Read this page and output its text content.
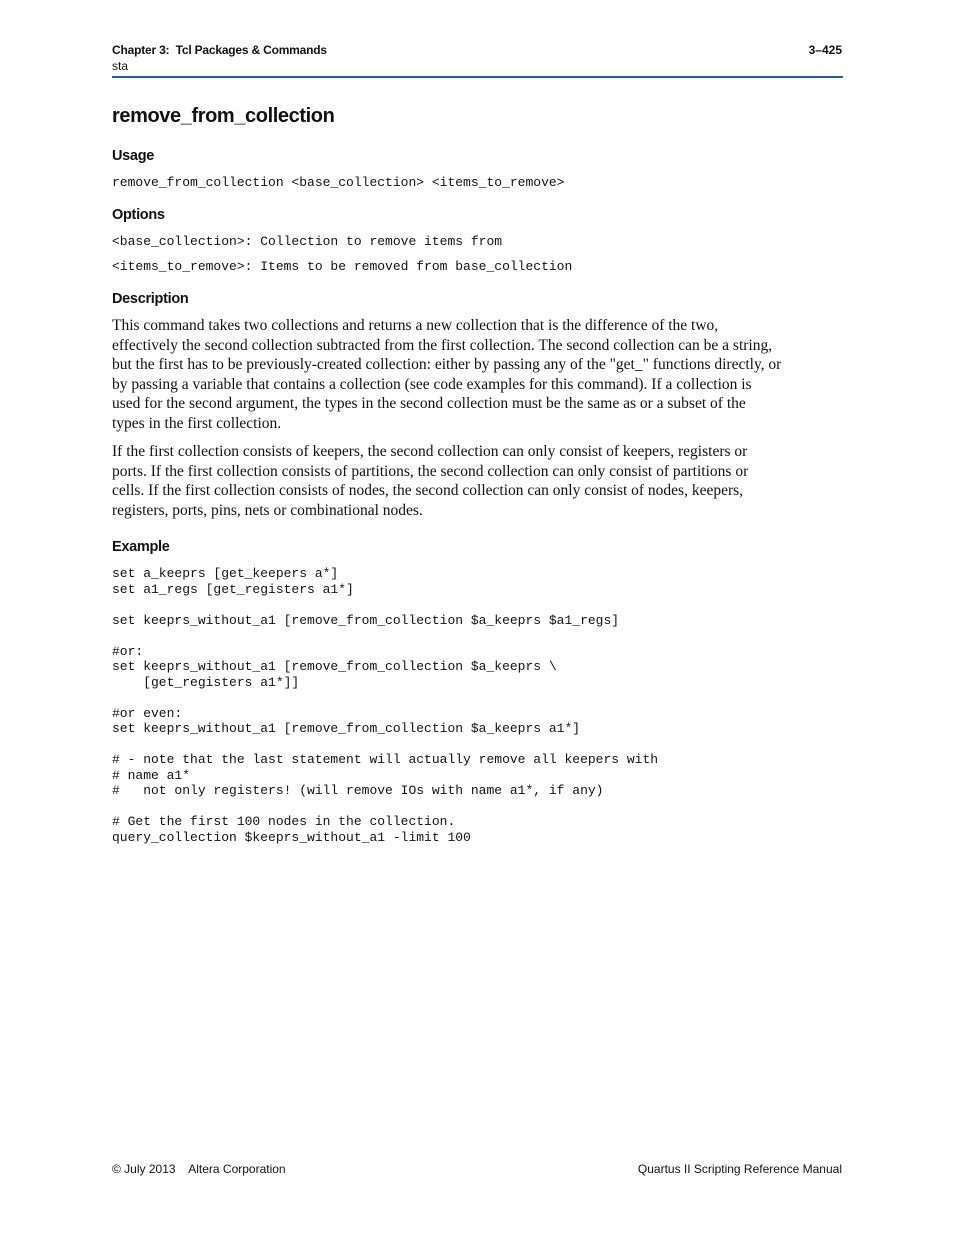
Chapter 3:  Tcl Packages & Commands
sta
3–425
remove_from_collection
Usage
remove_from_collection <base_collection> <items_to_remove>
Options
<base_collection>: Collection to remove items from
<items_to_remove>: Items to be removed from base_collection
Description
This command takes two collections and returns a new collection that is the difference of the two,
effectively the second collection subtracted from the first collection. The second collection can be a string,
but the first has to be previously-created collection: either by passing any of the "get_" functions directly, or
by passing a variable that contains a collection (see code examples for this command). If a collection is
used for the second argument, the types in the second collection must be the same as or a subset of the
types in the first collection.
If the first collection consists of keepers, the second collection can only consist of keepers, registers or
ports. If the first collection consists of partitions, the second collection can only consist of partitions or
cells. If the first collection consists of nodes, the second collection can only consist of nodes, keepers,
registers, ports, pins, nets or combinational nodes.
Example
set a_keeprs [get_keepers a*]
set a1_regs [get_registers a1*]

set keeprs_without_a1 [remove_from_collection $a_keeprs $a1_regs]

#or:
set keeprs_without_a1 [remove_from_collection $a_keeprs \
[get_registers a1*]]

#or even:
set keeprs_without_a1 [remove_from_collection $a_keeprs a1*]

# - note that the last statement will actually remove all keepers with
# name a1*
#   not only registers! (will remove IOs with name a1*, if any)

# Get the first 100 nodes in the collection.
query_collection $keeprs_without_a1 -limit 100
© July 2013    Altera Corporation	Quartus II Scripting Reference Manual
